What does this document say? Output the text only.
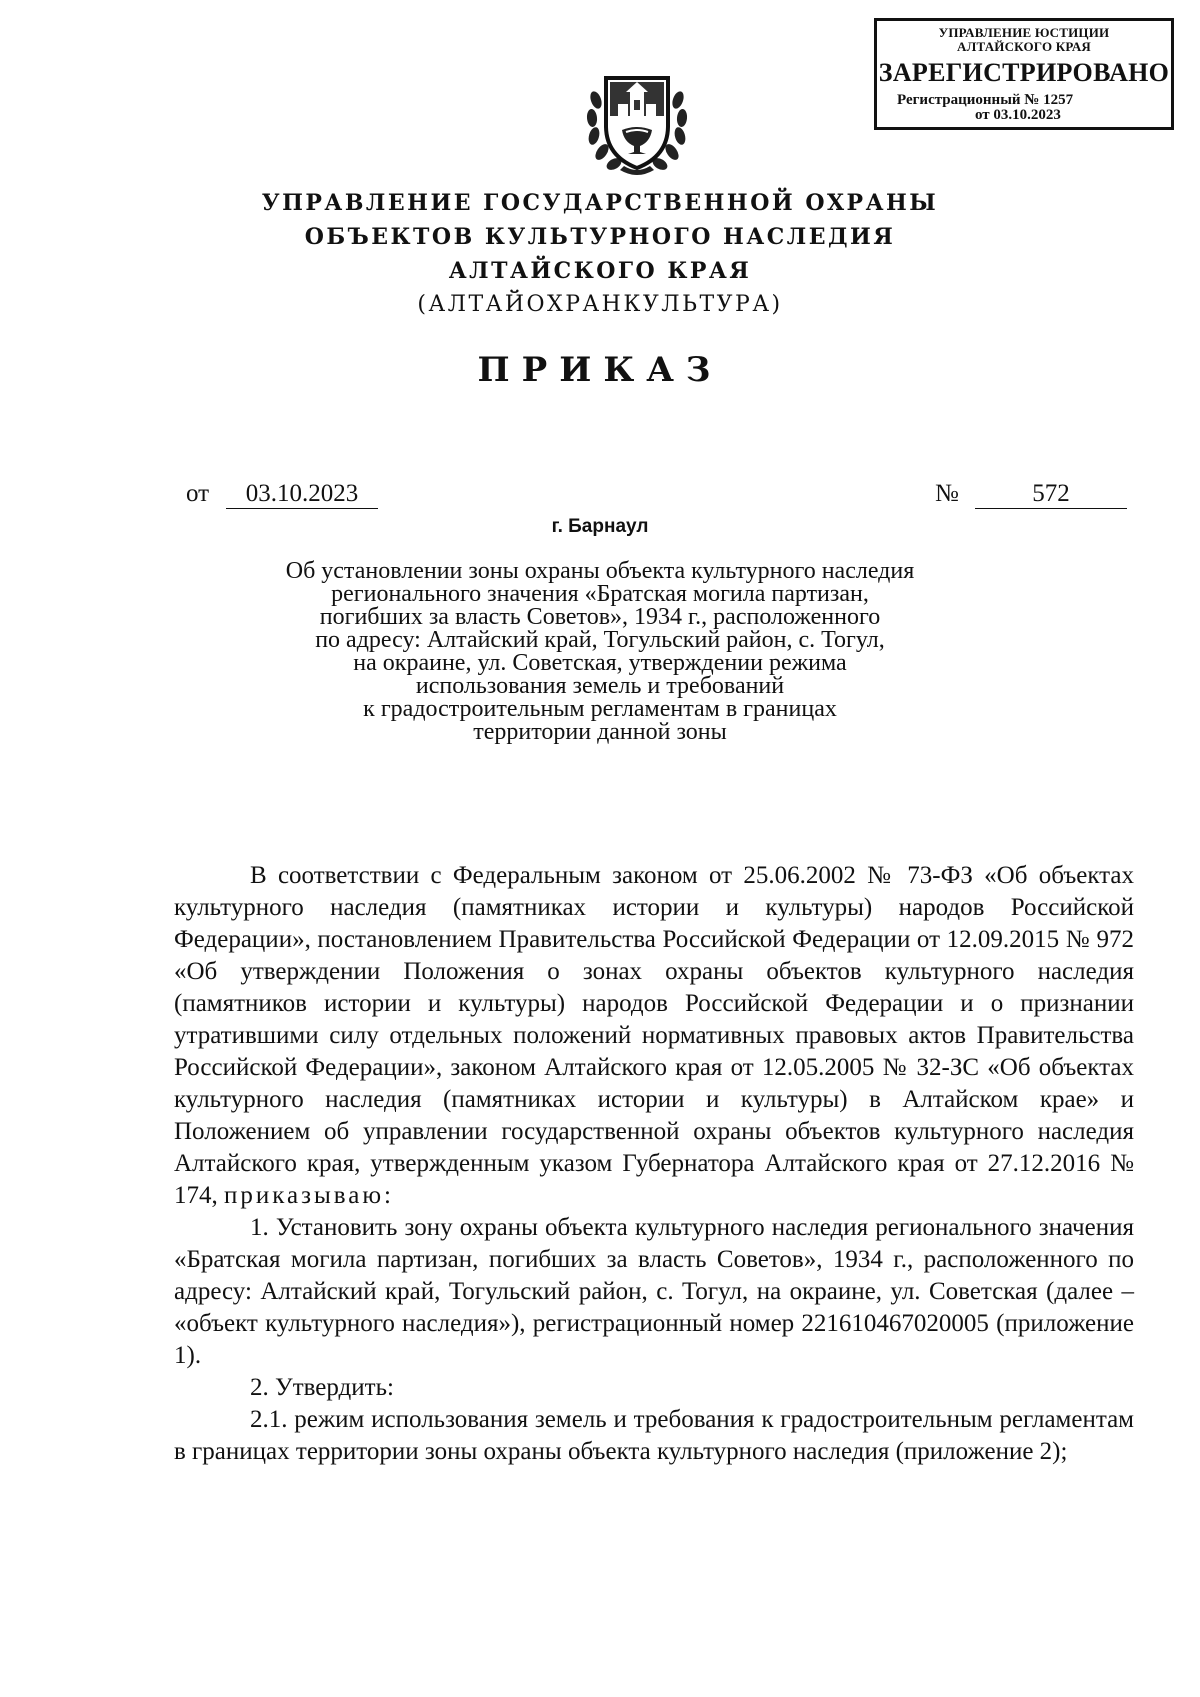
УПРАВЛЕНИЕ ЮСТИЦИИ
АЛТАЙСКОГО КРАЯ
ЗАРЕГИСТРИРОВАНО
Регистрационный № 1257
от 03.10.2023
УПРАВЛЕНИЕ ГОСУДАРСТВЕННОЙ ОХРАНЫ
ОБЪЕКТОВ КУЛЬТУРНОГО НАСЛЕДИЯ
АЛТАЙСКОГО КРАЯ
(АЛТАЙОХРАНКУЛЬТУРА)
ПРИКАЗ
от	03.10.2023	№	572
г. Барнаул
Об установлении зоны охраны объекта культурного наследия
регионального значения «Братская могила партизан,
погибших за власть Советов», 1934 г., расположенного
по адресу: Алтайский край, Тогульский район, с. Тогул,
на окраине, ул. Советская, утверждении режима
использования земель и требований
к градостроительным регламентам в границах
территории данной зоны

В соответствии с Федеральным законом от 25.06.2002 № 73-ФЗ «Об объектах культурного наследия (памятниках истории и культуры) народов Российской Федерации», постановлением Правительства Российской Федерации от 12.09.2015 № 972 «Об утверждении Положения о зонах охраны объектов культурного наследия (памятников истории и культуры) народов Российской Федерации и о признании утратившими силу отдельных положений нормативных правовых актов Правительства Российской Федерации», законом Алтайского края от 12.05.2005 № 32-ЗС «Об объектах культурного наследия (памятниках истории и культуры) в Алтайском крае» и Положением об управлении государственной охраны объектов культурного наследия Алтайского края, утвержденным указом Губернатора Алтайского края от 27.12.2016 № 174, приказываю:

1. Установить зону охраны объекта культурного наследия регионального значения «Братская могила партизан, погибших за власть Советов», 1934 г., расположенного по адресу: Алтайский край, Тогульский район, с. Тогул, на окраине, ул. Советская (далее – «объект культурного наследия»), регистрационный номер 221610467020005 (приложение 1).

2. Утвердить:

2.1. режим использования земель и требования к градостроительным регламентам в границах территории зоны охраны объекта культурного наследия (приложение 2);
